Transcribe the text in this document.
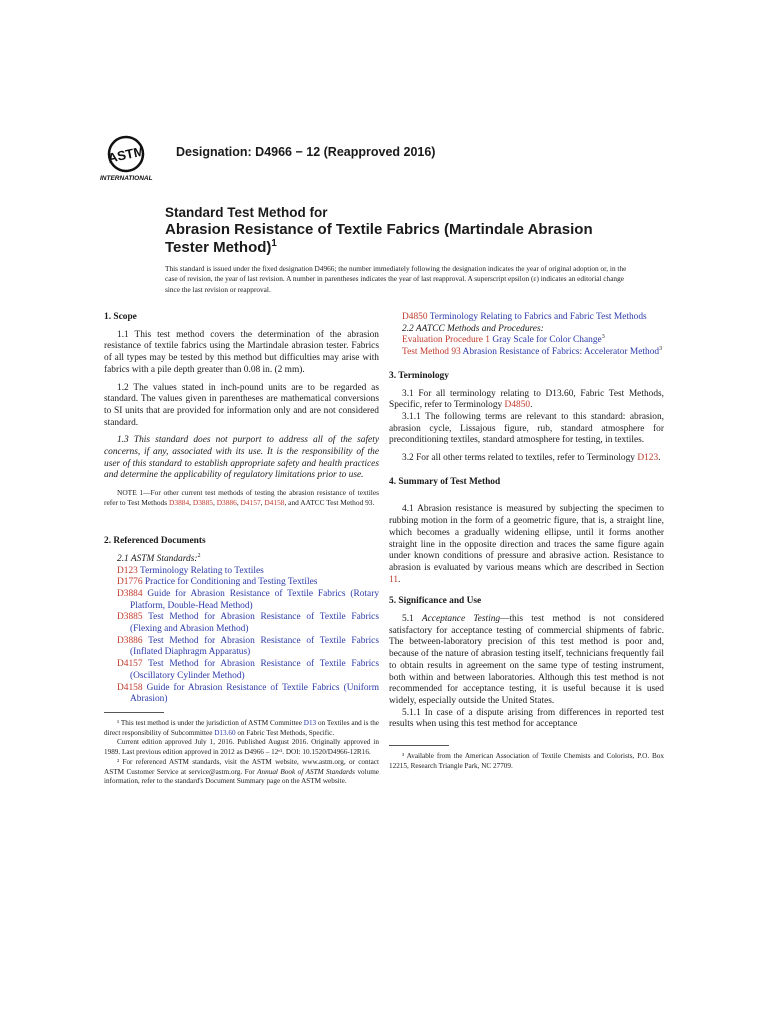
ASTM
INTERNATIONAL
Designation: D4966 − 12 (Reapproved 2016)
Standard Test Method for
Abrasion Resistance of Textile Fabrics (Martindale Abrasion
Tester Method)$^1$
This standard is issued under the fixed designation D4966; the number immediately following the designation indicates the year of original adoption or, in the case of revision, the year of last revision. A number in parentheses indicates the year of last reapproval. A superscript epsilon (ε) indicates an editorial change since the last revision or reapproval.
1. Scope

1.1 This test method covers the determination of the abrasion resistance of textile fabrics using the Martindale abrasion tester. Fabrics of all types may be tested by this method but difficulties may arise with fabrics with a pile depth greater than 0.08 in. (2 mm).

1.2 The values stated in inch-pound units are to be regarded as standard. The values given in parentheses are mathematical conversions to SI units that are provided for information only and are not considered standard.

1.3 This standard does not purport to address all of the safety concerns, if any, associated with its use. It is the responsibility of the user of this standard to establish appropriate safety and health practices and determine the applicability of regulatory limitations prior to use.

NOTE 1—For other current test methods of testing the abrasion resistance of textiles refer to Test Methods D3884, D3885, D3886, D4157, D4158, and AATCC Test Method 93.

2. Referenced Documents

2.1 ASTM Standards:$^2$

D123 Terminology Relating to Textiles

D1776 Practice for Conditioning and Testing Textiles

D3884 Guide for Abrasion Resistance of Textile Fabrics (Rotary Platform, Double-Head Method)

D3885 Test Method for Abrasion Resistance of Textile Fabrics (Flexing and Abrasion Method)

D3886 Test Method for Abrasion Resistance of Textile Fabrics (Inflated Diaphragm Apparatus)

D4157 Test Method for Abrasion Resistance of Textile Fabrics (Oscillatory Cylinder Method)

D4158 Guide for Abrasion Resistance of Textile Fabrics (Uniform Abrasion)

¹ This test method is under the jurisdiction of ASTM Committee D13 on Textiles and is the direct responsibility of Subcommittee D13.60 on Fabric Test Methods, Specific.

Current edition approved July 1, 2016. Published August 2016. Originally approved in 1989. Last previous edition approved in 2012 as D4966 – 12ᵉ¹. DOI: 10.1520/D4966-12R16.

² For referenced ASTM standards, visit the ASTM website, www.astm.org, or contact ASTM Customer Service at service@astm.org. For Annual Book of ASTM Standards volume information, refer to the standard's Document Summary page on the ASTM website.

D4850 Terminology Relating to Fabrics and Fabric Test Methods

2.2 AATCC Methods and Procedures:

Evaluation Procedure 1 Gray Scale for Color Change$^3$

Test Method 93 Abrasion Resistance of Fabrics: Accelerator Method$^3$

3. Terminology

3.1 For all terminology relating to D13.60, Fabric Test Methods, Specific, refer to Terminology D4850.

3.1.1 The following terms are relevant to this standard: abrasion, abrasion cycle, Lissajous figure, rub, standard atmosphere for preconditioning textiles, standard atmosphere for testing, in textiles.

3.2 For all other terms related to textiles, refer to Terminology D123.

4. Summary of Test Method

4.1 Abrasion resistance is measured by subjecting the specimen to rubbing motion in the form of a geometric figure, that is, a straight line, which becomes a gradually widening ellipse, until it forms another straight line in the opposite direction and traces the same figure again under known conditions of pressure and abrasive action. Resistance to abrasion is evaluated by various means which are described in Section 11.

5. Significance and Use

5.1 Acceptance Testing—this test method is not considered satisfactory for acceptance testing of commercial shipments of fabric. The between-laboratory precision of this test method is poor and, because of the nature of abrasion testing itself, technicians frequently fail to obtain results in agreement on the same type of testing instrument, both within and between laboratories. Although this test method is not recommended for acceptance testing, it is useful because it is used widely, especially outside the United States.

5.1.1 In case of a dispute arising from differences in reported test results when using this test method for acceptance

³ Available from the American Association of Textile Chemists and Colorists, P.O. Box 12215, Research Triangle Park, NC 27709.
